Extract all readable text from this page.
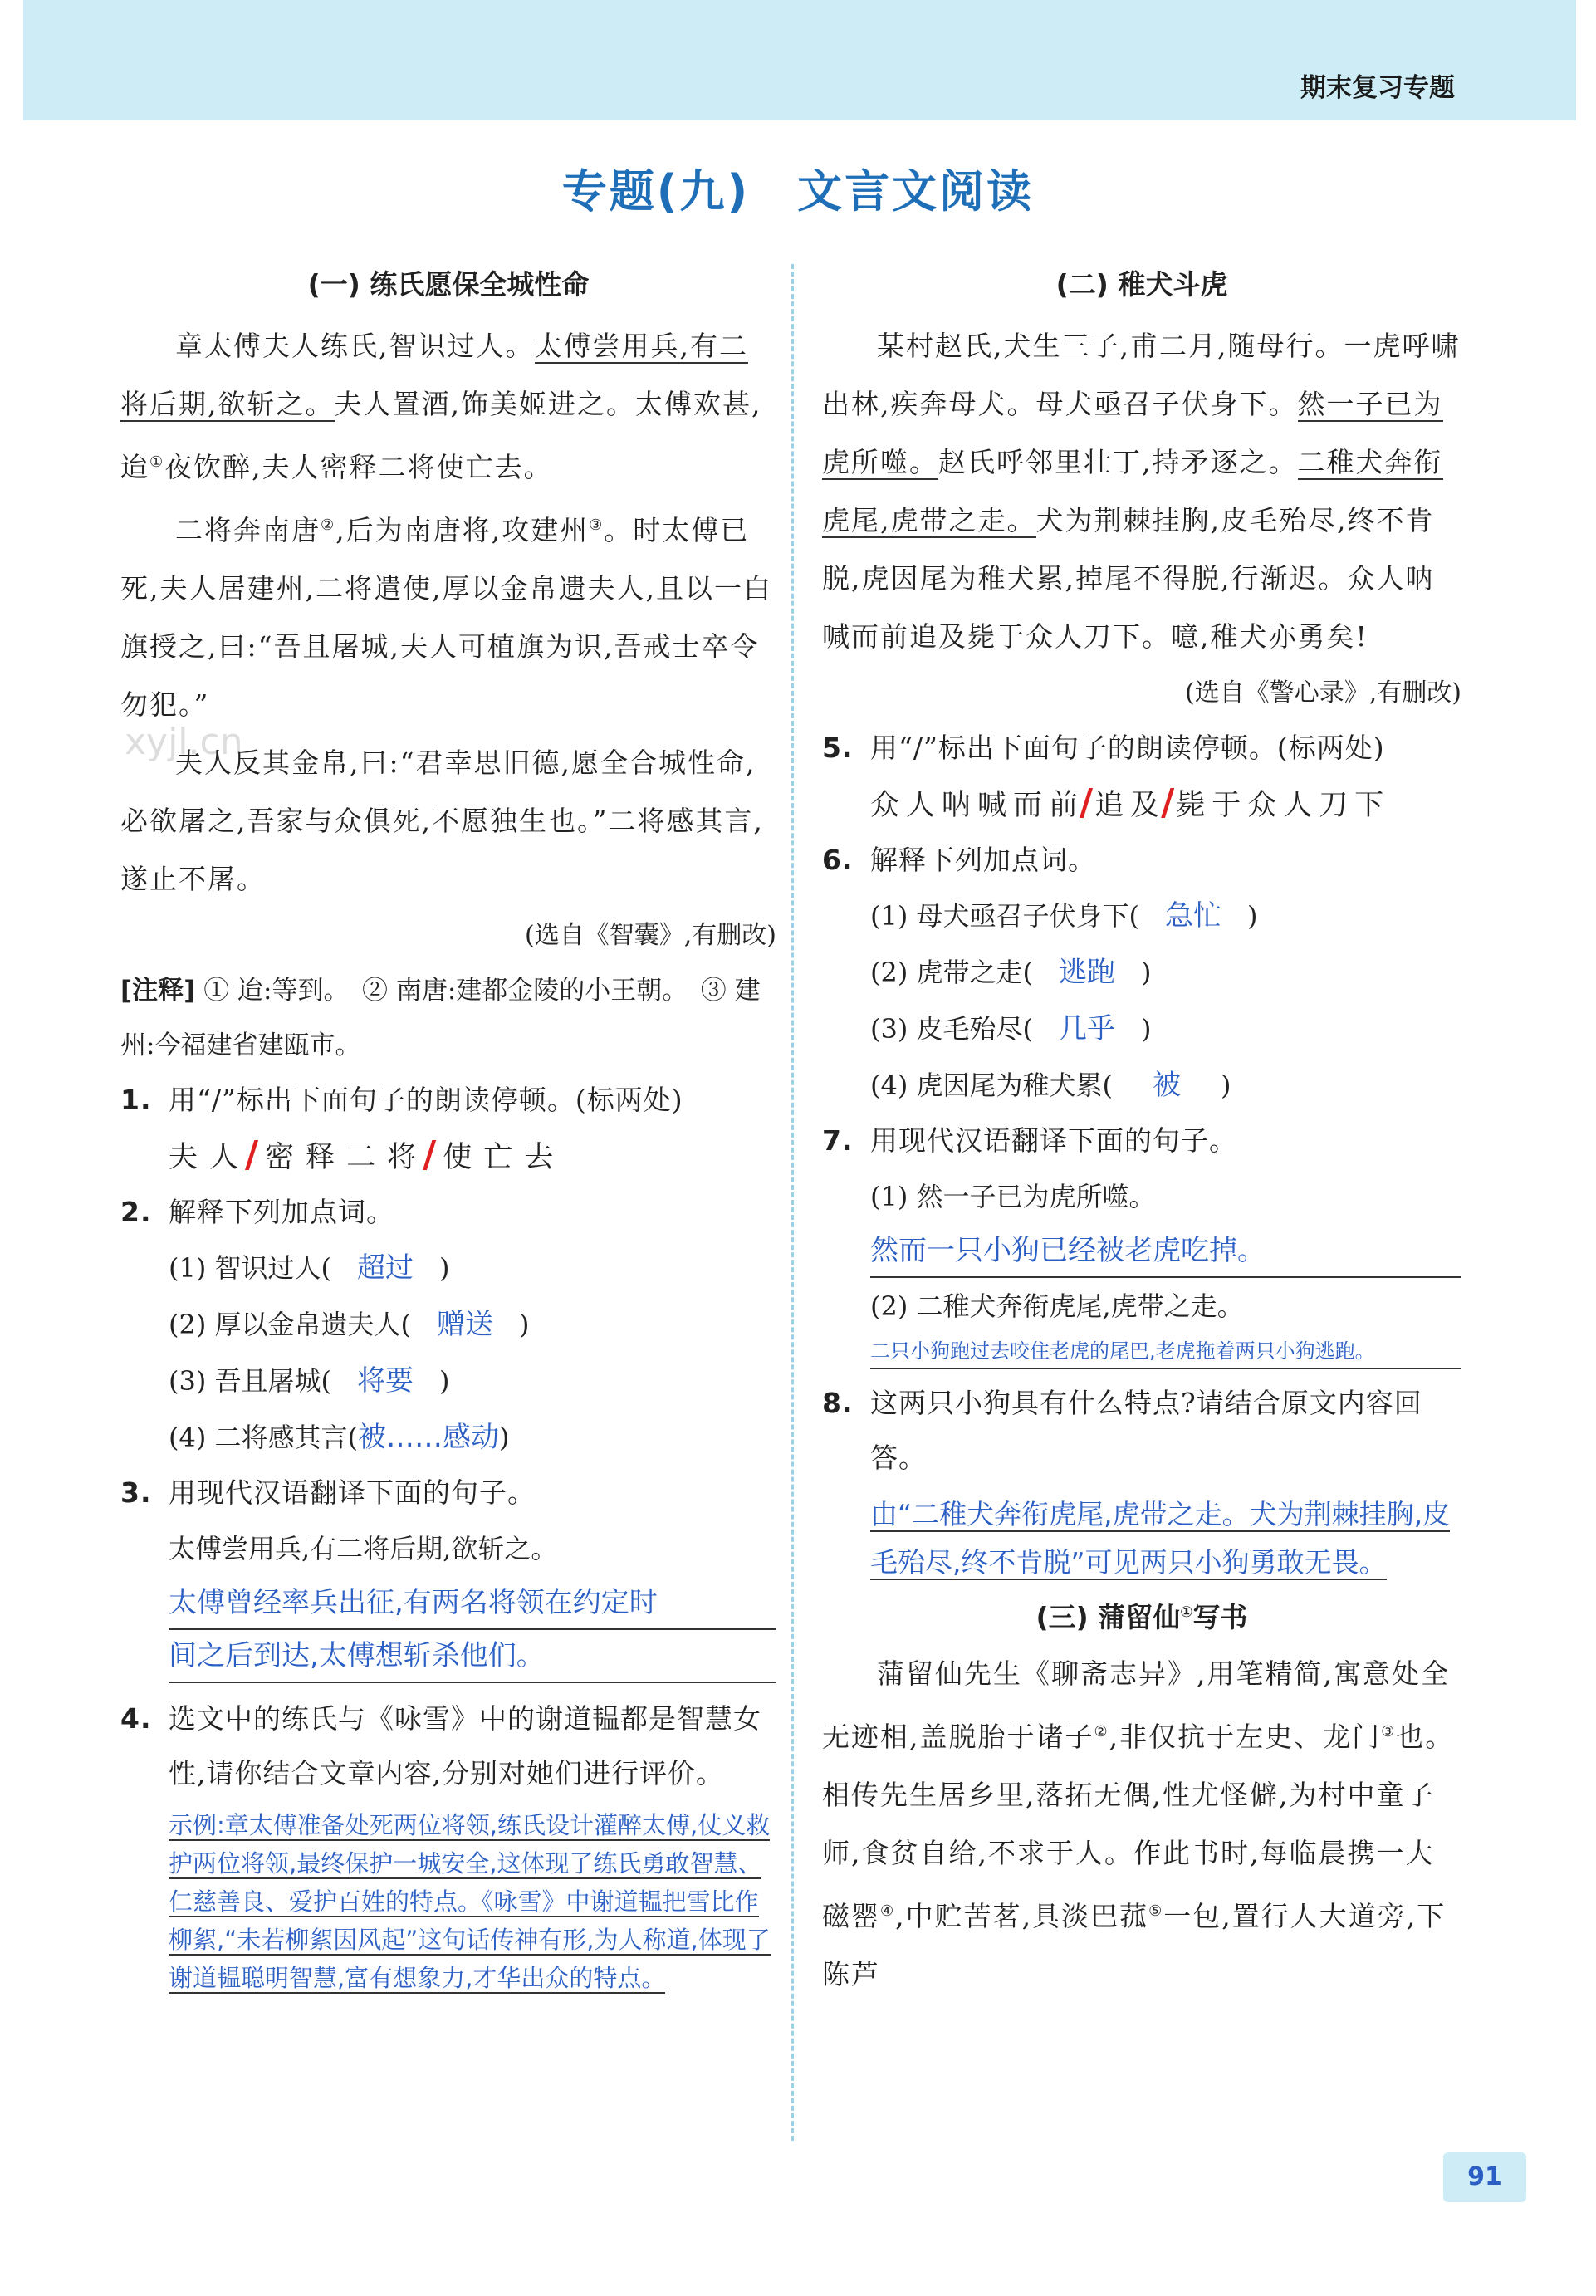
期末复习专题
专题(九)　文言文阅读
xyjl.cn
(一) 练氏愿保全城性命

章太傅夫人练氏,智识过人。太傅尝用兵,有二将后期,欲斩之。夫人置酒,饰美姬进之。太傅欢甚,迨①夜饮醉,夫人密释二将使亡去。

二将奔南唐②,后为南唐将,攻建州③。时太傅已死,夫人居建州,二将遣使,厚以金帛遗夫人,且以一白旗授之,曰:“吾且屠城,夫人可植旗为识,吾戒士卒令勿犯。”

夫人反其金帛,曰:“君幸思旧德,愿全合城性命,必欲屠之,吾家与众俱死,不愿独生也。”二将感其言,遂止不屠。

(选自《智囊》,有删改)

[注释] ① 迨:等到。　② 南唐:建都金陵的小王朝。　③ 建州:今福建省建瓯市。

1. 用“/”标出下面句子的朗读停顿。(标两处)

夫人/密释二将/使亡去

2. 解释下列加点词。

(1) 智识过人( 超过 )

(2) 厚以金帛遗夫人( 赠送 )

(3) 吾且屠城( 将要 )

(4) 二将感其言(被……感动)

3. 用现代汉语翻译下面的句子。

太傅尝用兵,有二将后期,欲斩之。

太傅曾经率兵出征,有两名将领在约定时

间之后到达,太傅想斩杀他们。

4. 选文中的练氏与《咏雪》中的谢道韫都是智慧女性,请你结合文章内容,分别对她们进行评价。

示例:章太傅准备处死两位将领,练氏设计灌醉太傅,仗义救护两位将领,最终保护一城安全,这体现了练氏勇敢智慧、仁慈善良、爱护百姓的特点。《咏雪》中谢道韫把雪比作柳絮,“未若柳絮因风起”这句话传神有形,为人称道,体现了谢道韫聪明智慧,富有想象力,才华出众的特点。

(二) 稚犬斗虎

某村赵氏,犬生三子,甫二月,随母行。一虎呼啸出林,疾奔母犬。母犬亟召子伏身下。然一子已为虎所噬。赵氏呼邻里壮丁,持矛逐之。二稚犬奔衔虎尾,虎带之走。犬为荆棘挂胸,皮毛殆尽,终不肯脱,虎因尾为稚犬累,掉尾不得脱,行渐迟。众人呐喊而前追及毙于众人刀下。噫,稚犬亦勇矣!

(选自《警心录》,有删改)

5. 用“/”标出下面句子的朗读停顿。(标两处)

众人呐喊而前/追及/毙于众人刀下

6. 解释下列加点词。

(1) 母犬亟召子伏身下( 急忙 )

(2) 虎带之走( 逃跑 )

(3) 皮毛殆尽( 几乎 )

(4) 虎因尾为稚犬累( 被 )

7. 用现代汉语翻译下面的句子。

(1) 然一子已为虎所噬。

然而一只小狗已经被老虎吃掉。

(2) 二稚犬奔衔虎尾,虎带之走。

二只小狗跑过去咬住老虎的尾巴,老虎拖着两只小狗逃跑。

8. 这两只小狗具有什么特点?请结合原文内容回答。

由“二稚犬奔衔虎尾,虎带之走。犬为荆棘挂胸,皮毛殆尽,终不肯脱”可见两只小狗勇敢无畏。

(三) 蒲留仙①写书

蒲留仙先生《聊斋志异》,用笔精简,寓意处全无迹相,盖脱胎于诸子②,非仅抗于左史、龙门③也。相传先生居乡里,落拓无偶,性尤怪僻,为村中童子师,食贫自给,不求于人。作此书时,每临晨携一大磁罂④,中贮苦茗,具淡巴菰⑤一包,置行人大道旁,下陈芦

91
